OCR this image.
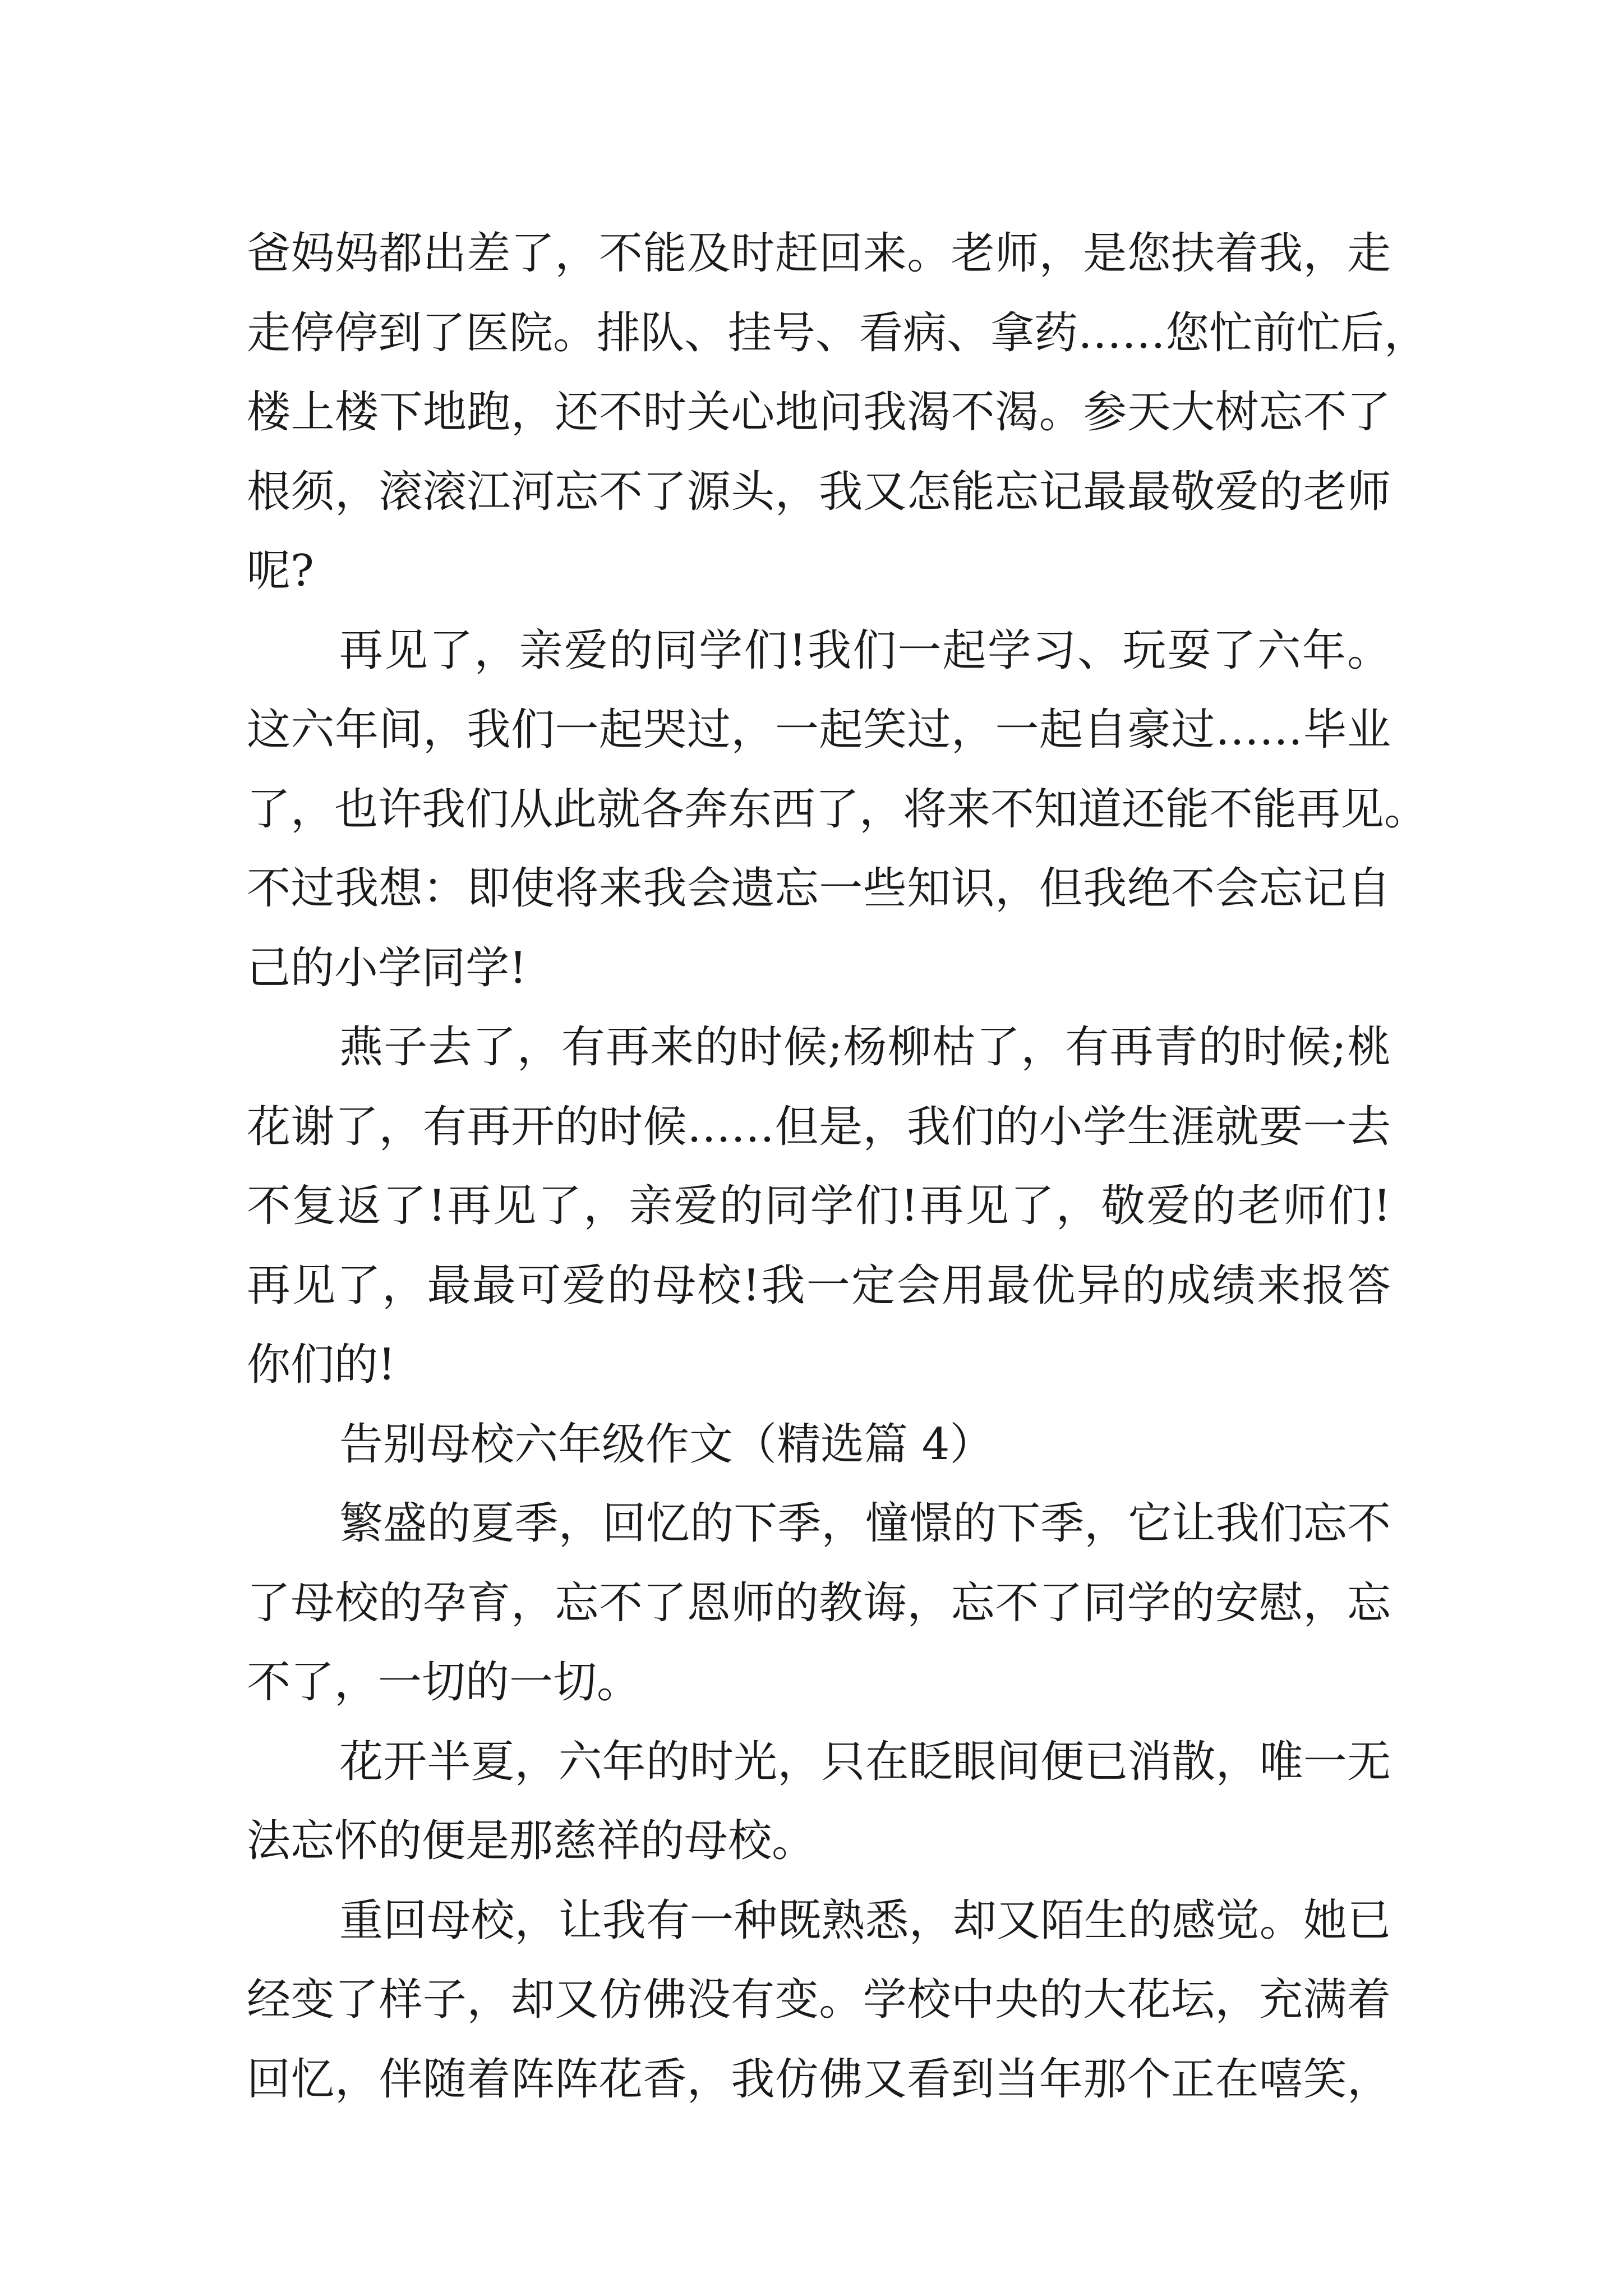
爸妈妈都出差了，不能及时赶回来。老师，是您扶着我，走
走停停到了医院。排队、挂号、看病、拿药……您忙前忙后，
楼上楼下地跑，还不时关心地问我渴不渴。参天大树忘不了
根须，滚滚江河忘不了源头，我又怎能忘记最最敬爱的老师
呢?
再见了，亲爱的同学们!我们一起学习、玩耍了六年。
这六年间，我们一起哭过，一起笑过，一起自豪过……毕业
了，也许我们从此就各奔东西了，将来不知道还能不能再见。
不过我想：即使将来我会遗忘一些知识，但我绝不会忘记自
己的小学同学!
燕子去了，有再来的时候;杨柳枯了，有再青的时候;桃
花谢了，有再开的时候……但是，我们的小学生涯就要一去
不复返了!再见了，亲爱的同学们!再见了，敬爱的老师们!
再见了，最最可爱的母校!我一定会用最优异的成绩来报答
你们的!
告别母校六年级作文（精选篇 4）
繁盛的夏季，回忆的下季，憧憬的下季，它让我们忘不
了母校的孕育，忘不了恩师的教诲，忘不了同学的安慰，忘
不了，一切的一切。
花开半夏，六年的时光，只在眨眼间便已消散，唯一无
法忘怀的便是那慈祥的母校。
重回母校，让我有一种既熟悉，却又陌生的感觉。她已
经变了样子，却又仿佛没有变。学校中央的大花坛，充满着
回忆，伴随着阵阵花香，我仿佛又看到当年那个正在嘻笑，
